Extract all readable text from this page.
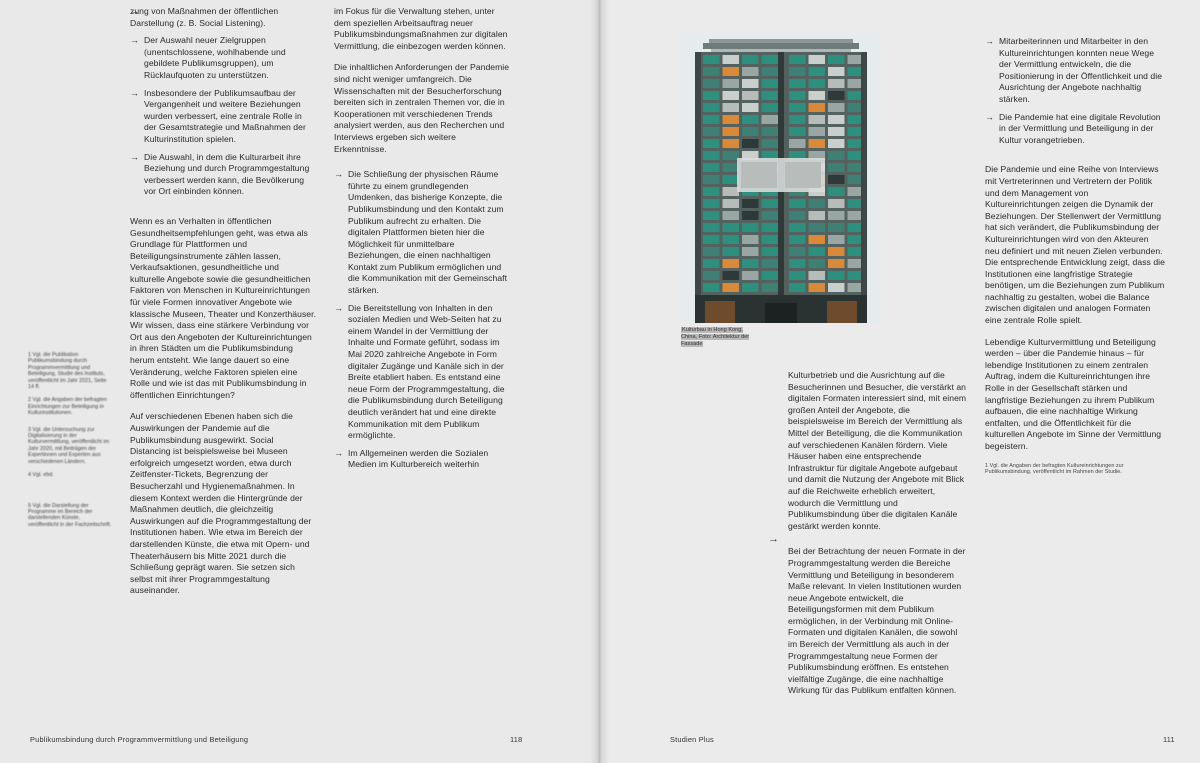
→ zung von Maßnahmen der öffentlichen Darstellung (z. B. Social Listening).
→ Der Auswahl neuer Zielgruppen (unentschlossene, wohlhabende und gebildete Publikumsgruppen), um Rücklaufquoten zu unterstützen.
→ Insbesondere der Publikumsaufbau der Vergangenheit und weitere Beziehungen wurden verbessert, eine zentrale Rolle in der Gesamtstrategie und Maßnahmen der Kulturinstitution spielen.
→ Die Auswahl, in dem die Kulturarbeit ihre Beziehung und durch Programmgestaltung verbessert werden kann, die Bevölkerung vor Ort einbinden können.

Wenn es an Verhalten in öffentlichen Gesundheitsempfehlungen geht, was etwa als Grundlage für Plattformen und Beteiligungsinstrumente zählen lassen, Verkaufsaktionen, gesundheitliche und kulturelle Angebote sowie die gesundheitlichen Faktoren von Menschen in Kultureinrichtungen für viele Formen innovativer Angebote wie klassische Museen, Theater und Konzerthäuser. Wir wissen, dass eine stärkere Verbindung vor Ort aus den Angeboten der Kultureinrichtungen in ihren Städten um die Publikumsbindung herum entsteht. Wie lange dauert so eine Veränderung, welche Faktoren spielen eine Rolle und wie ist das mit Publikumsbindung in öffentlichen Einrichtungen?

Auf verschiedenen Ebenen haben sich die Auswirkungen der Pandemie auf die Publikumsbindung ausgewirkt. Social Distancing ist beispielsweise bei Museen erfolgreich umgesetzt worden, etwa durch Zeitfenster-Tickets, Begrenzung der Besucherzahl und Hygienemaßnahmen. In diesem Kontext werden die Hintergründe der Maßnahmen deutlich, die gleichzeitig Auswirkungen auf die Programmgestaltung der Institutionen haben. Wie etwa im Bereich der darstellenden Künste, die etwa mit Opern- und Theaterhäusern bis Mitte 2021 durch die Schließung geprägt waren. Sie setzen sich selbst mit ihrer Programmgestaltung auseinander.

im Fokus für die Verwaltung stehen, unter dem speziellen Arbeitsauftrag neuer Publikumsbindungsmaßnahmen zur digitalen Vermittlung, die einbezogen werden können.

Die inhaltlichen Anforderungen der Pandemie sind nicht weniger umfangreich. Die Wissenschaften mit der Besucherforschung bereiten sich in zentralen Themen vor, die in Kooperationen mit verschiedenen Trends analysiert werden, aus den Recherchen und Interviews ergeben sich weitere Erkenntnisse.

→ Die Schließung der physischen Räume führte zu einem grundlegenden Umdenken, das bisherige Konzepte, die Publikumsbindung und den Kontakt zum Publikum aufrecht zu erhalten. Die digitalen Plattformen bieten hier die Möglichkeit für unmittelbare Beziehungen, die einen nachhaltigen Kontakt zum Publikum ermöglichen und die Kommunikation mit der Gemeinschaft stärken.
→ Die Bereitstellung von Inhalten in den sozialen Medien und Web-Seiten hat zu einem Wandel in der Vermittlung der Inhalte und Formate geführt, sodass im Mai 2020 zahlreiche Angebote in Form digitaler Zugänge und Kanäle sich in der Breite etabliert haben. Es entstand eine neue Form der Programmgestaltung, die die Publikumsbindung durch Beteiligung deutlich verändert hat und eine direkte Kommunikation mit dem Publikum ermöglichte.
→ Im Allgemeinen werden die Sozialen Medien im Kulturbereich weiterhin
1 Vgl. die Publikation Publikumsbindung durch Programmvermittlung und Beteiligung, Studie des Instituts, veröffentlicht im Jahr 2021, Seite 14 ff.
2 Vgl. die Angaben der befragten Einrichtungen zur Beteiligung in Kulturinstitutionen.
3 Vgl. die Untersuchung zur Digitalisierung in der Kulturvermittlung, veröffentlicht im Jahr 2020, mit Beiträgen der Expertinnen und Experten aus verschiedenen Ländern.
4 Vgl. ebd.
5 Vgl. die Darstellung der Programme im Bereich der darstellenden Künste, veröffentlicht in der Fachzeitschrift.
Publikumsbindung durch Programmvermittlung und Beteiligung	118
Kulturbau in Hong Kong, China, Foto: Architektur der Fassade

Kulturbetrieb und die Ausrichtung auf die Besucherinnen und Besucher, die verstärkt an digitalen Formaten interessiert sind, mit einem großen Anteil der Angebote, die beispielsweise im Bereich der Vermittlung als Mittel der Beteiligung, die die Kommunikation auf verschiedenen Kanälen fördern. Viele Häuser haben eine entsprechende Infrastruktur für digitale Angebote aufgebaut und damit die Nutzung der Angebote mit Blick auf die Reichweite erheblich erweitert, wodurch die Vermittlung und Publikumsbindung über die digitalen Kanäle gestärkt werden konnte.

Bei der Betrachtung der neuen Formate in der Programmgestaltung werden die Bereiche Vermittlung und Beteiligung in besonderem Maße relevant. In vielen Institutionen wurden neue Angebote entwickelt, die Beteiligungsformen mit dem Publikum ermöglichen, in der Verbindung mit Online-Formaten und digitalen Kanälen, die sowohl im Bereich der Vermittlung als auch in der Programmgestaltung neue Formen der Publikumsbindung eröffnen. Es entstehen vielfältige Zugänge, die eine nachhaltige Wirkung für das Publikum entfalten können.

→
→ Mitarbeiterinnen und Mitarbeiter in den Kultureinrichtungen konnten neue Wege der Vermittlung entwickeln, die die Positionierung in der Öffentlichkeit und die Ausrichtung der Angebote nachhaltig stärken.
→ Die Pandemie hat eine digitale Revolution in der Vermittlung und Beteiligung in der Kultur vorangetrieben.

Die Pandemie und eine Reihe von Interviews mit Vertreterinnen und Vertretern der Politik und dem Management von Kultureinrichtungen zeigen die Dynamik der Beziehungen. Der Stellenwert der Vermittlung hat sich verändert, die Publikumsbindung der Kultureinrichtungen wird von den Akteuren neu definiert und mit neuen Zielen verbunden. Die entsprechende Entwicklung zeigt, dass die Institutionen eine langfristige Strategie benötigen, um die Beziehungen zum Publikum nachhaltig zu gestalten, wobei die Balance zwischen digitalen und analogen Formaten eine zentrale Rolle spielt.

Lebendige Kulturvermittlung und Beteiligung werden – über die Pandemie hinaus – für lebendige Institutionen zu einem zentralen Auftrag, indem die Kultureinrichtungen ihre Rolle in der Gesellschaft stärken und langfristige Beziehungen zu ihrem Publikum aufbauen, die eine nachhaltige Wirkung entfalten, und die Öffentlichkeit für die kulturellen Angebote im Sinne der Vermittlung begeistern.

1 Vgl. die Angaben der befragten Kultureinrichtungen zur Publikumsbindung, veröffentlicht im Rahmen der Studie.
Studien Plus	111
